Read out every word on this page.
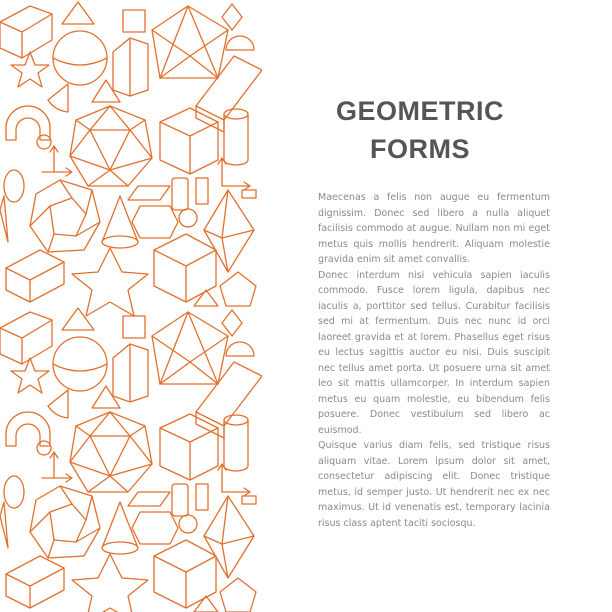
GEOMETRIC
FORMS

Maecenas a felis non augue eu fermentum dignissim. Donec sed libero a nulla aliquet facilisis commodo at augue. Nullam non mi eget metus quis mollis hendrerit. Aliquam molestie gravida enim sit amet convallis.

Donec interdum nisi vehicula sapien iaculis commodo. Fusce lorem ligula, dapibus nec iaculis a, porttitor sed tellus. Curabitur facilisis sed mi at fermentum. Duis nec nunc id orci laoreet gravida et at lorem. Phasellus eget risus eu lectus sagittis auctor eu nisi. Duis suscipit nec tellus amet porta. Ut posuere urna sit amet leo sit mattis ullamcorper. In interdum sapien metus eu quam molestie, eu bibendum felis posuere. Donec vestibulum sed libero ac euismod.

Quisque varius diam felis, sed tristique risus aliquam vitae. Lorem ipsum dolor sit amet, consectetur adipiscing elit. Donec tristique metus, id semper justo. Ut hendrerit nec ex nec maximus. Ut id venenatis est, temporary lacinia risus class aptent taciti sociosqu.
